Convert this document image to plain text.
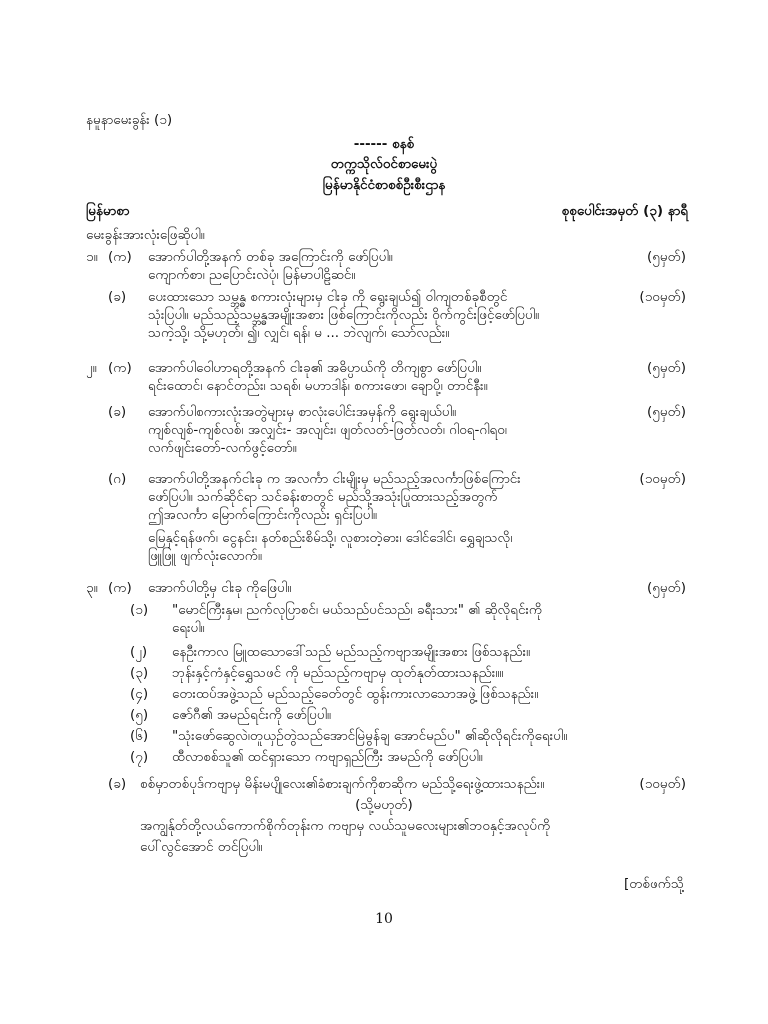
နမူနာမေးခွန်း (၁)
------ စနစ်
တက္ကသိုလ်ဝင်စာမေးပွဲ
မြန်မာနိုင်ငံစာစစ်ဦးစီးဌာန
မြန်မာစာ	စုစုပေါင်းအမှတ် (၃) နာရီ
မေးခွန်းအားလုံးဖြေဆိုပါ။
၁။ (က) အောက်ပါတို့အနက် တစ်ခု အကြောင်းကို ဖော်ပြပါ။
ကျောက်စာ၊ ညပြောင်းလဲပုံ၊ မြန်မာပါဠိဆင်။
(၅မှတ်)
(ခ) ပေးထားသော သမ္ဘန္ဓ စကားလုံးများမှ ငါးခု ကို ရွေးချယ်၍ ဝါကျတစ်ခုစီတွင်
သုံးပြပါ။ မည်သည့်သမ္ဘန္ဓအမျိုးအစား ဖြစ်ကြောင်းကိုလည်း ဝိုက်ကွင်းဖြင့်ဖော်ပြပါ။
သကဲ့သို့၊ သို့မဟုတ်၊ ၍၊ လျှင်၊ ရန်၊ မ ... ဘဲလျက်၊ သော်လည်း။
(၁၀မှတ်)
၂။ (က) အောက်ပါဝေါဟာရတို့အနက် ငါးခု၏ အဓိပ္ပာယ်ကို တိကျစွာ ဖော်ပြပါ။
ရင်းထောင်၊ နောင်တည်း၊ သရစ်၊ မဟာဒါန်၊ စကားဖော၊ ချောပို့၊ တာင်နီး။
(၅မှတ်)
(ခ) အောက်ပါစကားလုံးအတွဲများမှ စာလုံးပေါင်းအမှန်ကို ရွေးချယ်ပါ။
ကျစ်လျစ်-ကျစ်လစ်၊ အလျှင်း- အလျင်း၊ ဖျတ်လတ်-ဖြတ်လတ်၊ ဂါဝရ-ဂါရဝ၊
လက်ဖျင်းတော်-လက်ဖွင့်တော်။
(၅မှတ်)
(ဂ) အောက်ပါတို့အနက်ငါးခု က အလင်္ကာ ငါးမျိုးမှ မည်သည့်အလင်္ကာဖြစ်ကြောင်း
ဖော်ပြပါ။ သက်ဆိုင်ရာ သင်ခန်းစာတွင် မည်သို့အသုံးပြုထားသည့်အတွက်
ဤအလင်္ကာ မြောက်ကြောင်းကိုလည်း ရှင်းပြပါ။
မြေနှင့်ရန်ဖက်၊ ငွေနင်း၊ နတ်စည်းစိမ်သို့၊ လူစားတဲ့ဓား၊ ဒေါင်ဒေါင်၊ ရွှေချသလို၊
ဖြူဖြူ ဖျက်လုံးလောက်။
(၁၀မှတ်)
၃။ (က) အောက်ပါတို့မှ ငါးခု ကိုဖြေပါ။	(၅မှတ်)
(၁) "မောင်ကြီးနှမ၊ ညက်လုပြာစင်၊ မယ်သည်ပင်သည်၊ ခရီးသား" ၏ ဆိုလိုရင်းကို
ရေးပါ။
(၂) နေဦးကာလ မြူထသောဒေါ်သည် မည်သည့်ကဗျာအမျိုးအစား ဖြစ်သနည်း။
(၃) ဘုန်းနှင့်ကံနှင့်ရွှေသဖင် ကို မည်သည့်ကဗျာမှ ထုတ်နုတ်ထားသနည်း။။
(၄) တေးထပ်အဖွဲ့သည် မည်သည့်ခေတ်တွင် ထွန်းကားလာသောအဖွဲ့ ဖြစ်သနည်း။
(၅) ဇော်ဂီ၏ အမည်ရင်းကို ဖော်ပြပါ။
(၆) "သုံးဖော်ဆွေလဲ၊တူယှဉ်တွဲသည်အောင်မြဲမွန်ချ အောင်မည်ပ" ၏ဆိုလိုရင်းကိုရေးပါ။
(၇) ထီလာစစ်သူ၏ ထင်ရှားသော ကဗျာရှည်ကြီး အမည်ကို ဖော်ပြပါ။
(ခ) စစ်မှာတစ်ပုဒ်ကဗျာမှ မိန်းမပျိုလေး၏ခံစားချက်ကိုစာဆိုက မည်သို့ရေးဖွဲ့ထားသနည်း။	(၁၀မှတ်)
(သို့မဟုတ်)
အကျွန်ုတ်တို့လယ်ကောက်စိုက်တုန်းက ကဗျာမှ လယ်သူမလေးများ၏ဘဝနှင့်အလုပ်ကို
ပေါ်လွင်အောင် တင်ပြပါ။
[တစ်ဖက်သို့
10
